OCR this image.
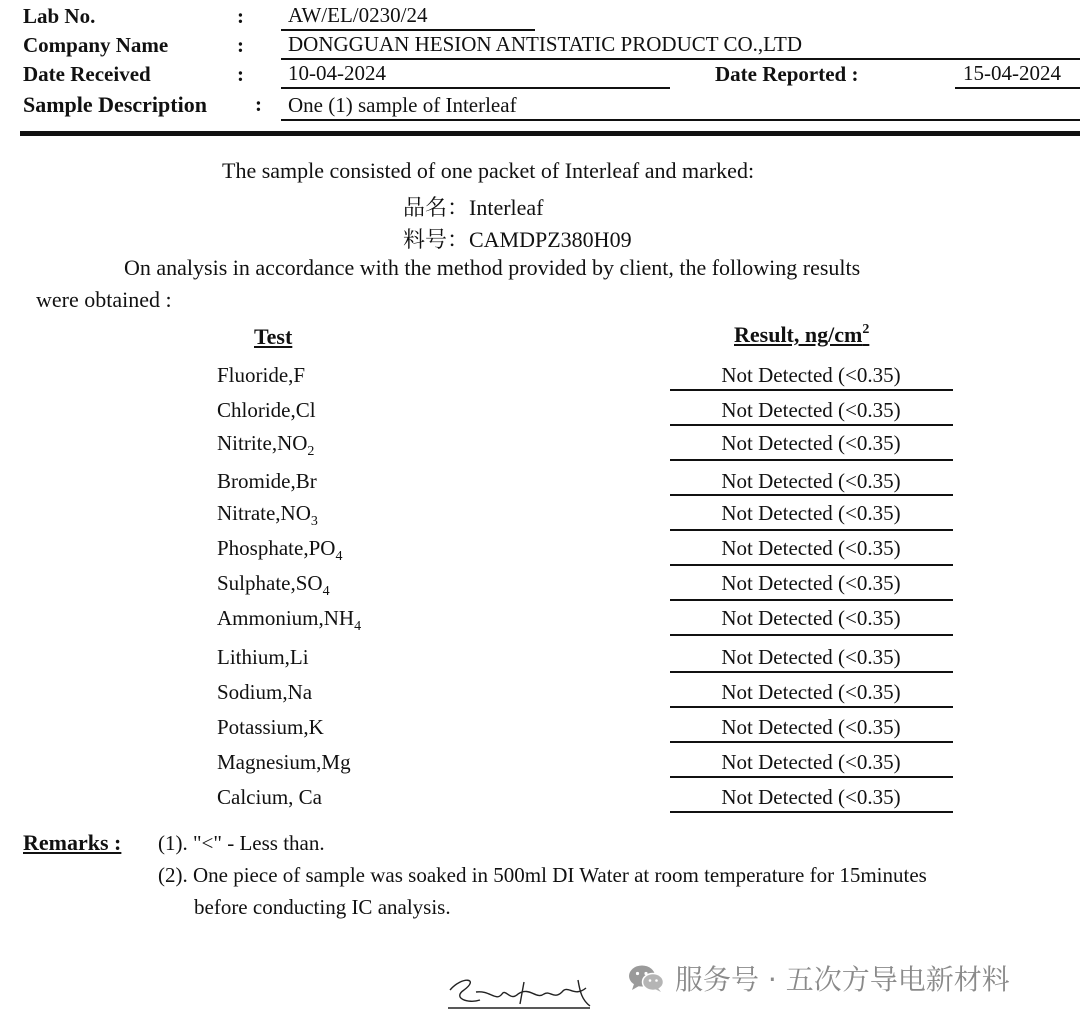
Lab No.	: AW/EL/0230/24
Company Name	: DONGGUAN HESION ANTISTATIC PRODUCT CO.,LTD
Date Received	: 10-04-2024	Date Reported :	15-04-2024
Sample Description : One (1) sample of Interleaf
The sample consisted of one packet of Interleaf and marked:
品名：Interleaf
料号：CAMDPZ380H09
On analysis in accordance with the method provided by client, the following results
were obtained :
Test	Result, $ng/cm^2$
Fluoride,F	Not Detected (<0.35)
Chloride,Cl	Not Detected (<0.35)
$Nitrite,NO_2$	Not Detected (<0.35)
Bromide,Br	Not Detected (<0.35)
$Nitrate,NO_3$	Not Detected (<0.35)
$Phosphate,PO_4$	Not Detected (<0.35)
$Sulphate,SO_4$	Not Detected (<0.35)
$Ammonium,NH_4$	Not Detected (<0.35)
Lithium,Li	Not Detected (<0.35)
Sodium,Na	Not Detected (<0.35)
Potassium,K	Not Detected (<0.35)
Magnesium,Mg	Not Detected (<0.35)
Calcium, Ca	Not Detected (<0.35)
Remarks : (1). "<" - Less than.
(2). One piece of sample was soaked in 500ml DI Water at room temperature for 15minutes
before conducting IC analysis.
服务号 · 五次方导电新材料
